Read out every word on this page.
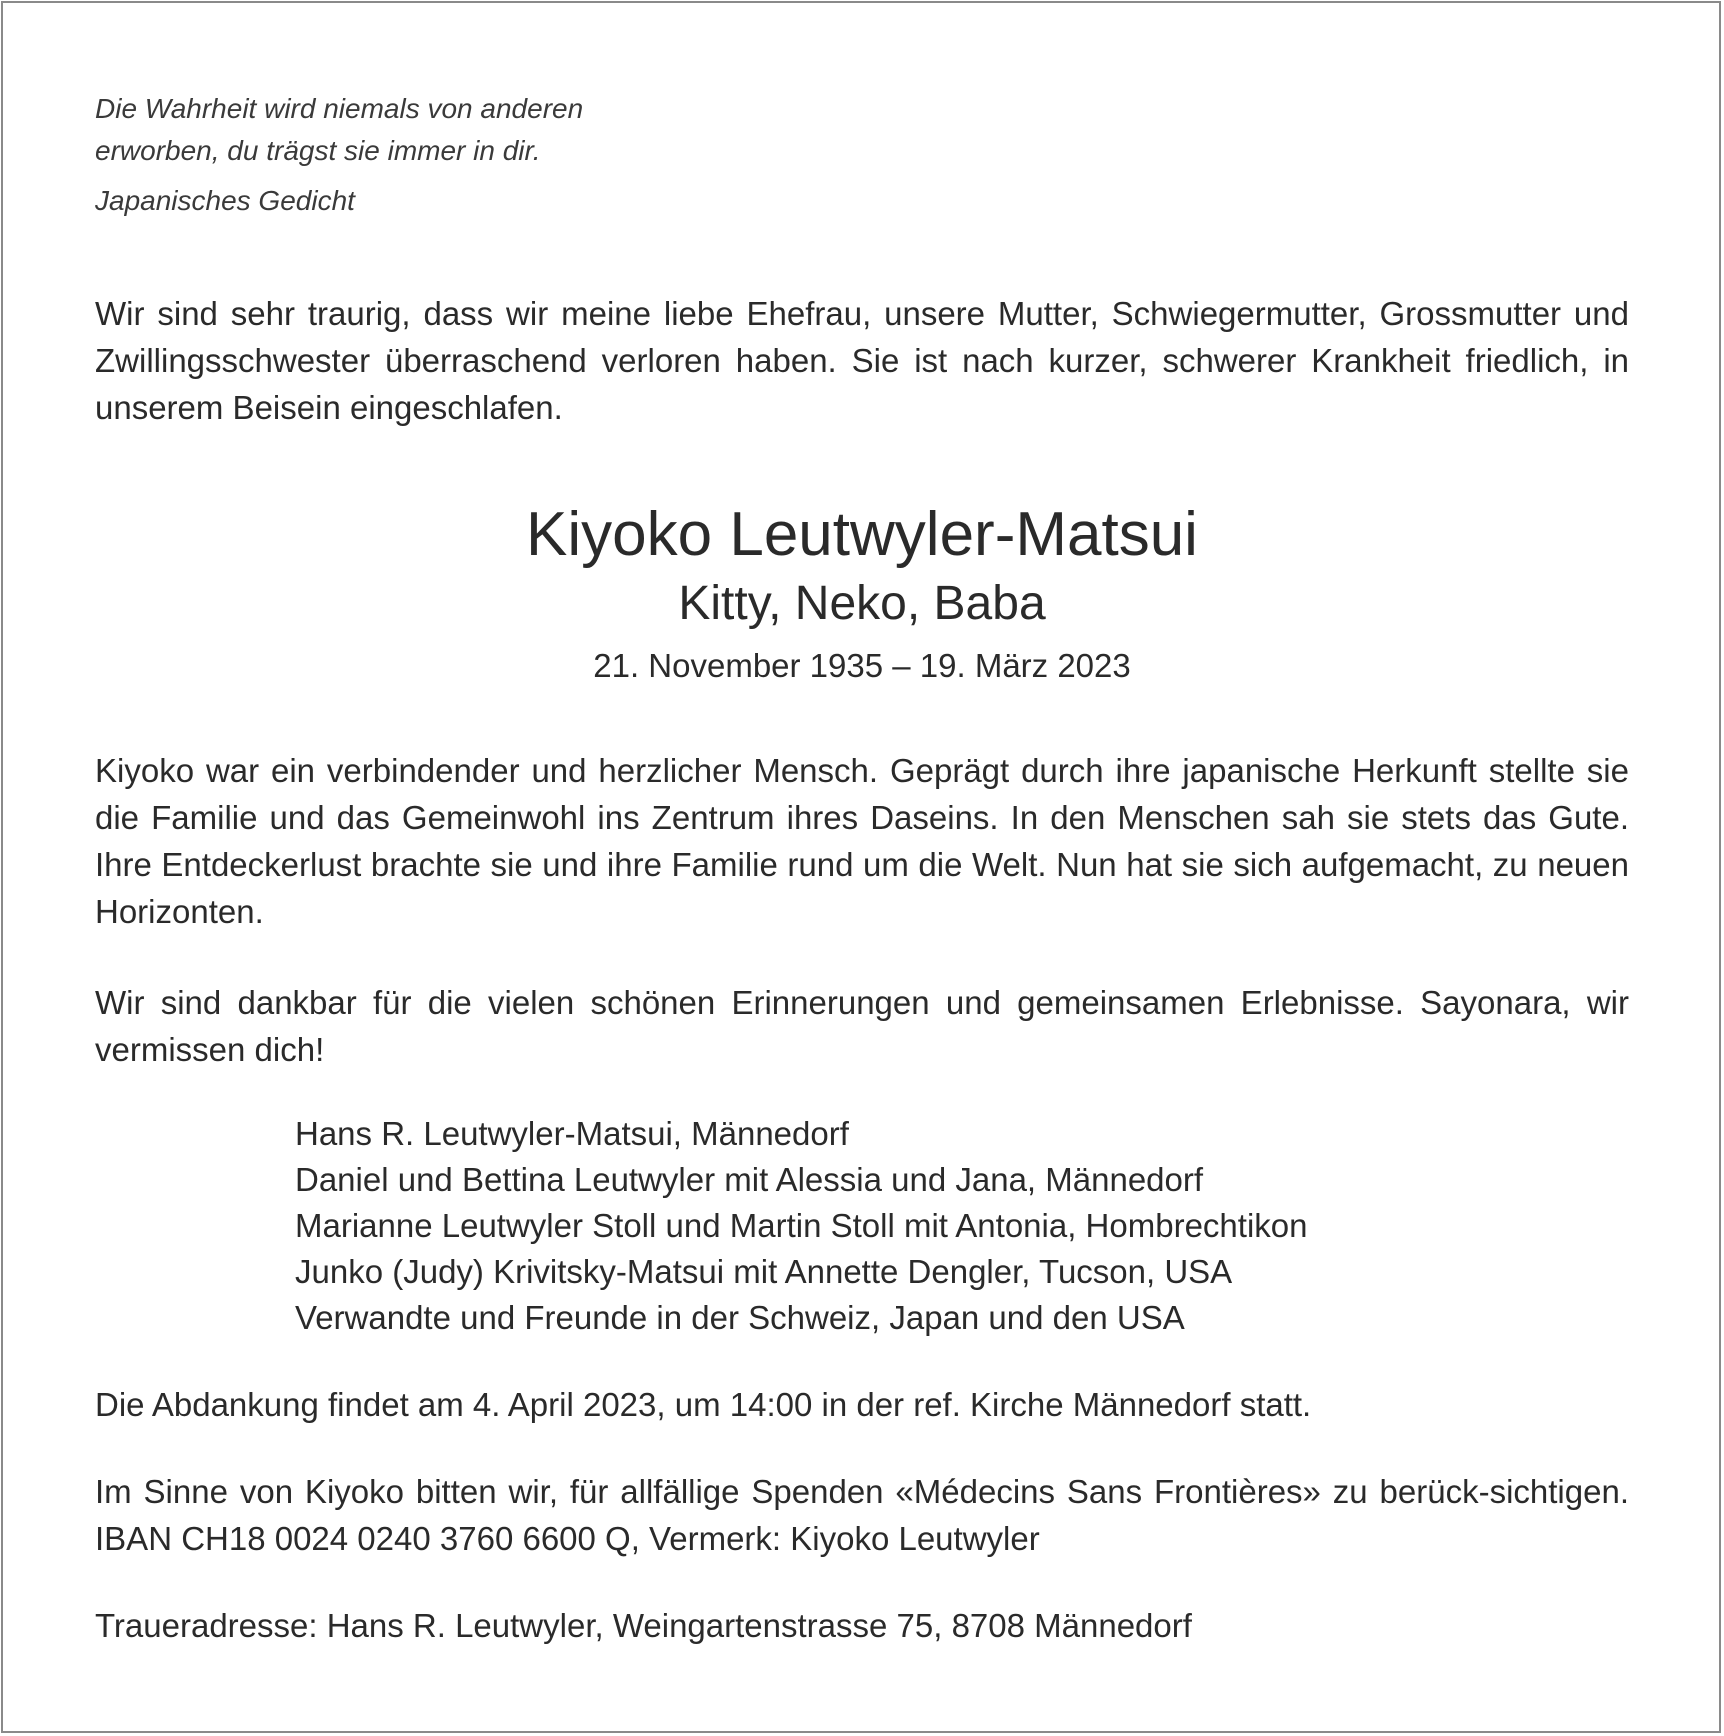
Die Wahrheit wird niemals von anderen

erworben, du trägst sie immer in dir.

Japanisches Gedicht

Wir sind sehr traurig, dass wir meine liebe Ehefrau, unsere Mutter, Schwiegermutter, Grossmutter und Zwillingsschwester überraschend verloren haben. Sie ist nach kurzer, schwerer Krankheit friedlich, in unserem Beisein eingeschlafen.

Kiyoko Leutwyler-Matsui

Kitty, Neko, Baba

21. November 1935 – 19. März 2023

Kiyoko war ein verbindender und herzlicher Mensch. Geprägt durch ihre japanische Herkunft stellte sie die Familie und das Gemeinwohl ins Zentrum ihres Daseins. In den Menschen sah sie stets das Gute. Ihre Entdeckerlust brachte sie und ihre Familie rund um die Welt. Nun hat sie sich aufgemacht, zu neuen Horizonten.

Wir sind dankbar für die vielen schönen Erinnerungen und gemeinsamen Erlebnisse. Sayonara, wir vermissen dich!

Hans R. Leutwyler-Matsui, Männedorf
Daniel und Bettina Leutwyler mit Alessia und Jana, Männedorf
Marianne Leutwyler Stoll und Martin Stoll mit Antonia, Hombrechtikon
Junko (Judy) Krivitsky-Matsui mit Annette Dengler, Tucson, USA
Verwandte und Freunde in der Schweiz, Japan und den USA

Die Abdankung findet am 4. April 2023, um 14:00 in der ref. Kirche Männedorf statt.

Im Sinne von Kiyoko bitten wir, für allfällige Spenden «Médecins Sans Frontières» zu berück-sichtigen. IBAN CH18 0024 0240 3760 6600 Q, Vermerk: Kiyoko Leutwyler

Traueradresse: Hans R. Leutwyler, Weingartenstrasse 75, 8708 Männedorf
